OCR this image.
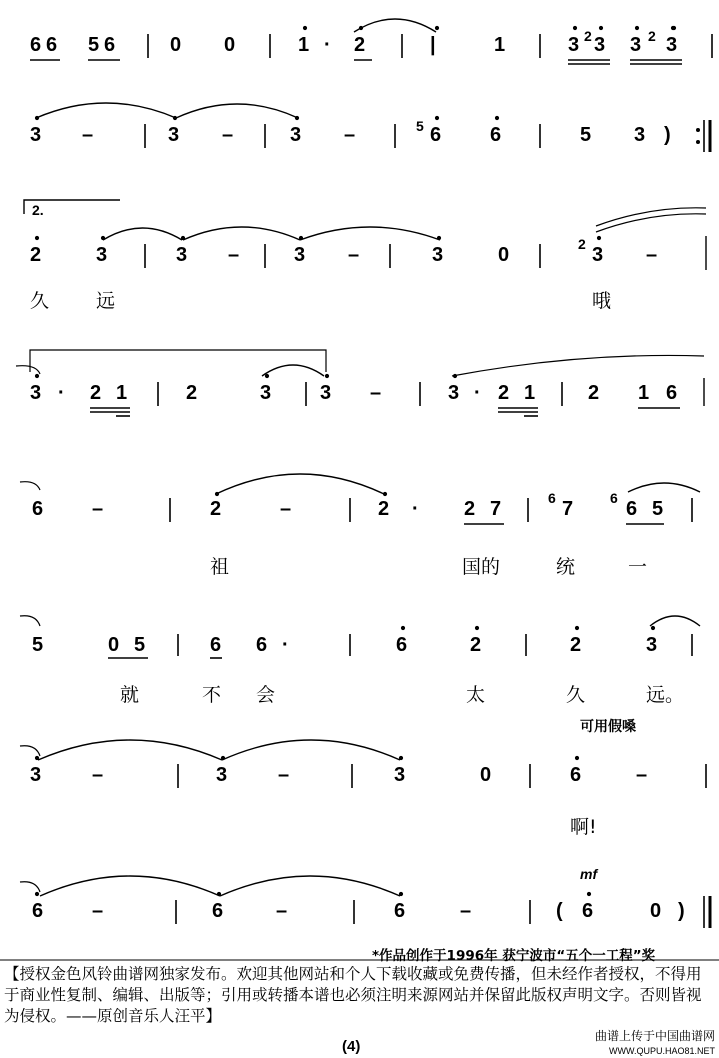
6 6 5 6	0 0	1 · 2	|	1	3 2 3 3 2 3
3 –	3 –	3 –	5 6 6	5 3 )
2.
2	3	3 –	3 –	3	0	2 3 –
久 远	哦
3 · 2 1	2	3 3 –	3 · 2 1	2 1 6
6 –	2	–	2 · 2 7	6 7	6 6 5
祖	国的	统	一
5	0 5	6 6 ·	6	2	2	3
就	不 会	太	久	远。
可用假嗓
3	–	3	–	3	0	6	–
啊!
mf
6 –	6	–	6	–	( 6	0 )
*作品创作于1996年 获宁波市“五个一工程”奖
【授权金色风铃曲谱网独家发布。欢迎其他网站和个人下载收藏或免费传播，但未经作者授权，不得用于商业性复制、编辑、出版等；引用或转播本谱也必须注明来源网站并保留此版权声明文字。否则皆视为侵权。——原创音乐人汪平】
(4)
曲谱上传于中国曲谱网
WWW.QUPU.HAO81.NET
